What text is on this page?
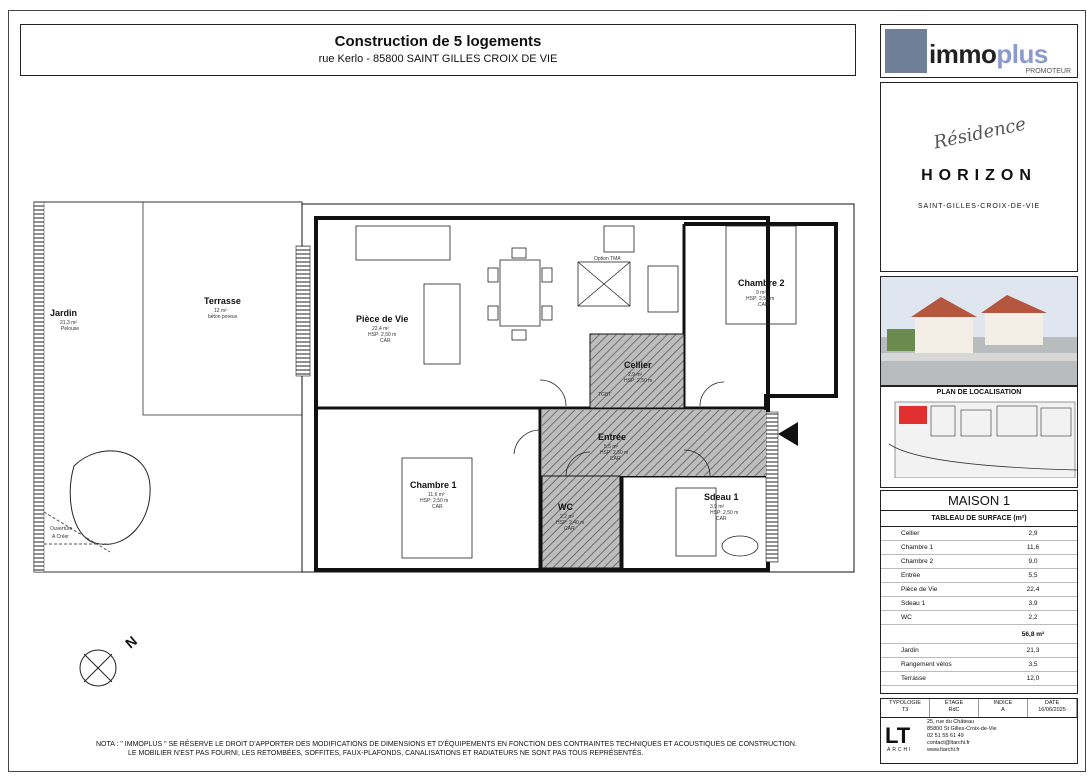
Construction de 5 logements
rue Kerlo - 85800 SAINT GILLES CROIX DE VIE
Jardin
21,3 m²
Pelouse
Terrasse
12 m²
béton poreux	Pièce de Vie
22,4 m²
HSP: 2,50 m
CAR
Chambre 2
9 m²
HSP: 2,50 m
CAR
Cellier
2,9 m²
HSP: 2,50 m
Entrée
5,5 m²
HSP: 2,50 m
CAR
Chambre 1
11,6 m²
HSP: 2,50 m
CAR	WC
2,2 m²
HSP: 2,40 m
CAR
Sdeau 1
3,9 m²
HSP: 2,50 m
CAR
Option TMA
TGBT
Ouverture
A Créer
N
immoplus
PROMOTEUR
Résidence
HORIZON
SAINT-GILLES-CROIX-DE-VIE
PLAN DE LOCALISATION
MAISON 1
TABLEAU DE SURFACE (m²)
Cellier	2,9
Chambre 1	11,6
Chambre 2	9,0
Entrée	5,5
Pièce de Vie	22,4
Sdeau 1	3,9
WC	2,2
56,8 m²
Jardin	21,3
Rangement vélos	3,5
Terrasse	12,0
TYPOLOGIE
T3
ÉTAGE
RdC
INDICE
A
DATE
16/06/2025
LT
ARCHI
25, rue du Château
85800 St Gilles-Croix-de-Vie
02 51 55 61 49
contact@ltarchi.fr
www.ltarchi.fr
NOTA : " IMMOPLUS " SE RÉSERVE LE DROIT D'APPORTER DES MODIFICATIONS DE DIMENSIONS ET D'ÉQUIPEMENTS EN FONCTION DES CONTRAINTES TECHNIQUES ET ACOUSTIQUES DE CONSTRUCTION.
LE MOBILIER N'EST PAS FOURNI, LES RETOMBÉES, SOFFITES, FAUX-PLAFONDS, CANALISATIONS ET RADIATEURS NE SONT PAS TOUS REPRÉSENTÉS.
